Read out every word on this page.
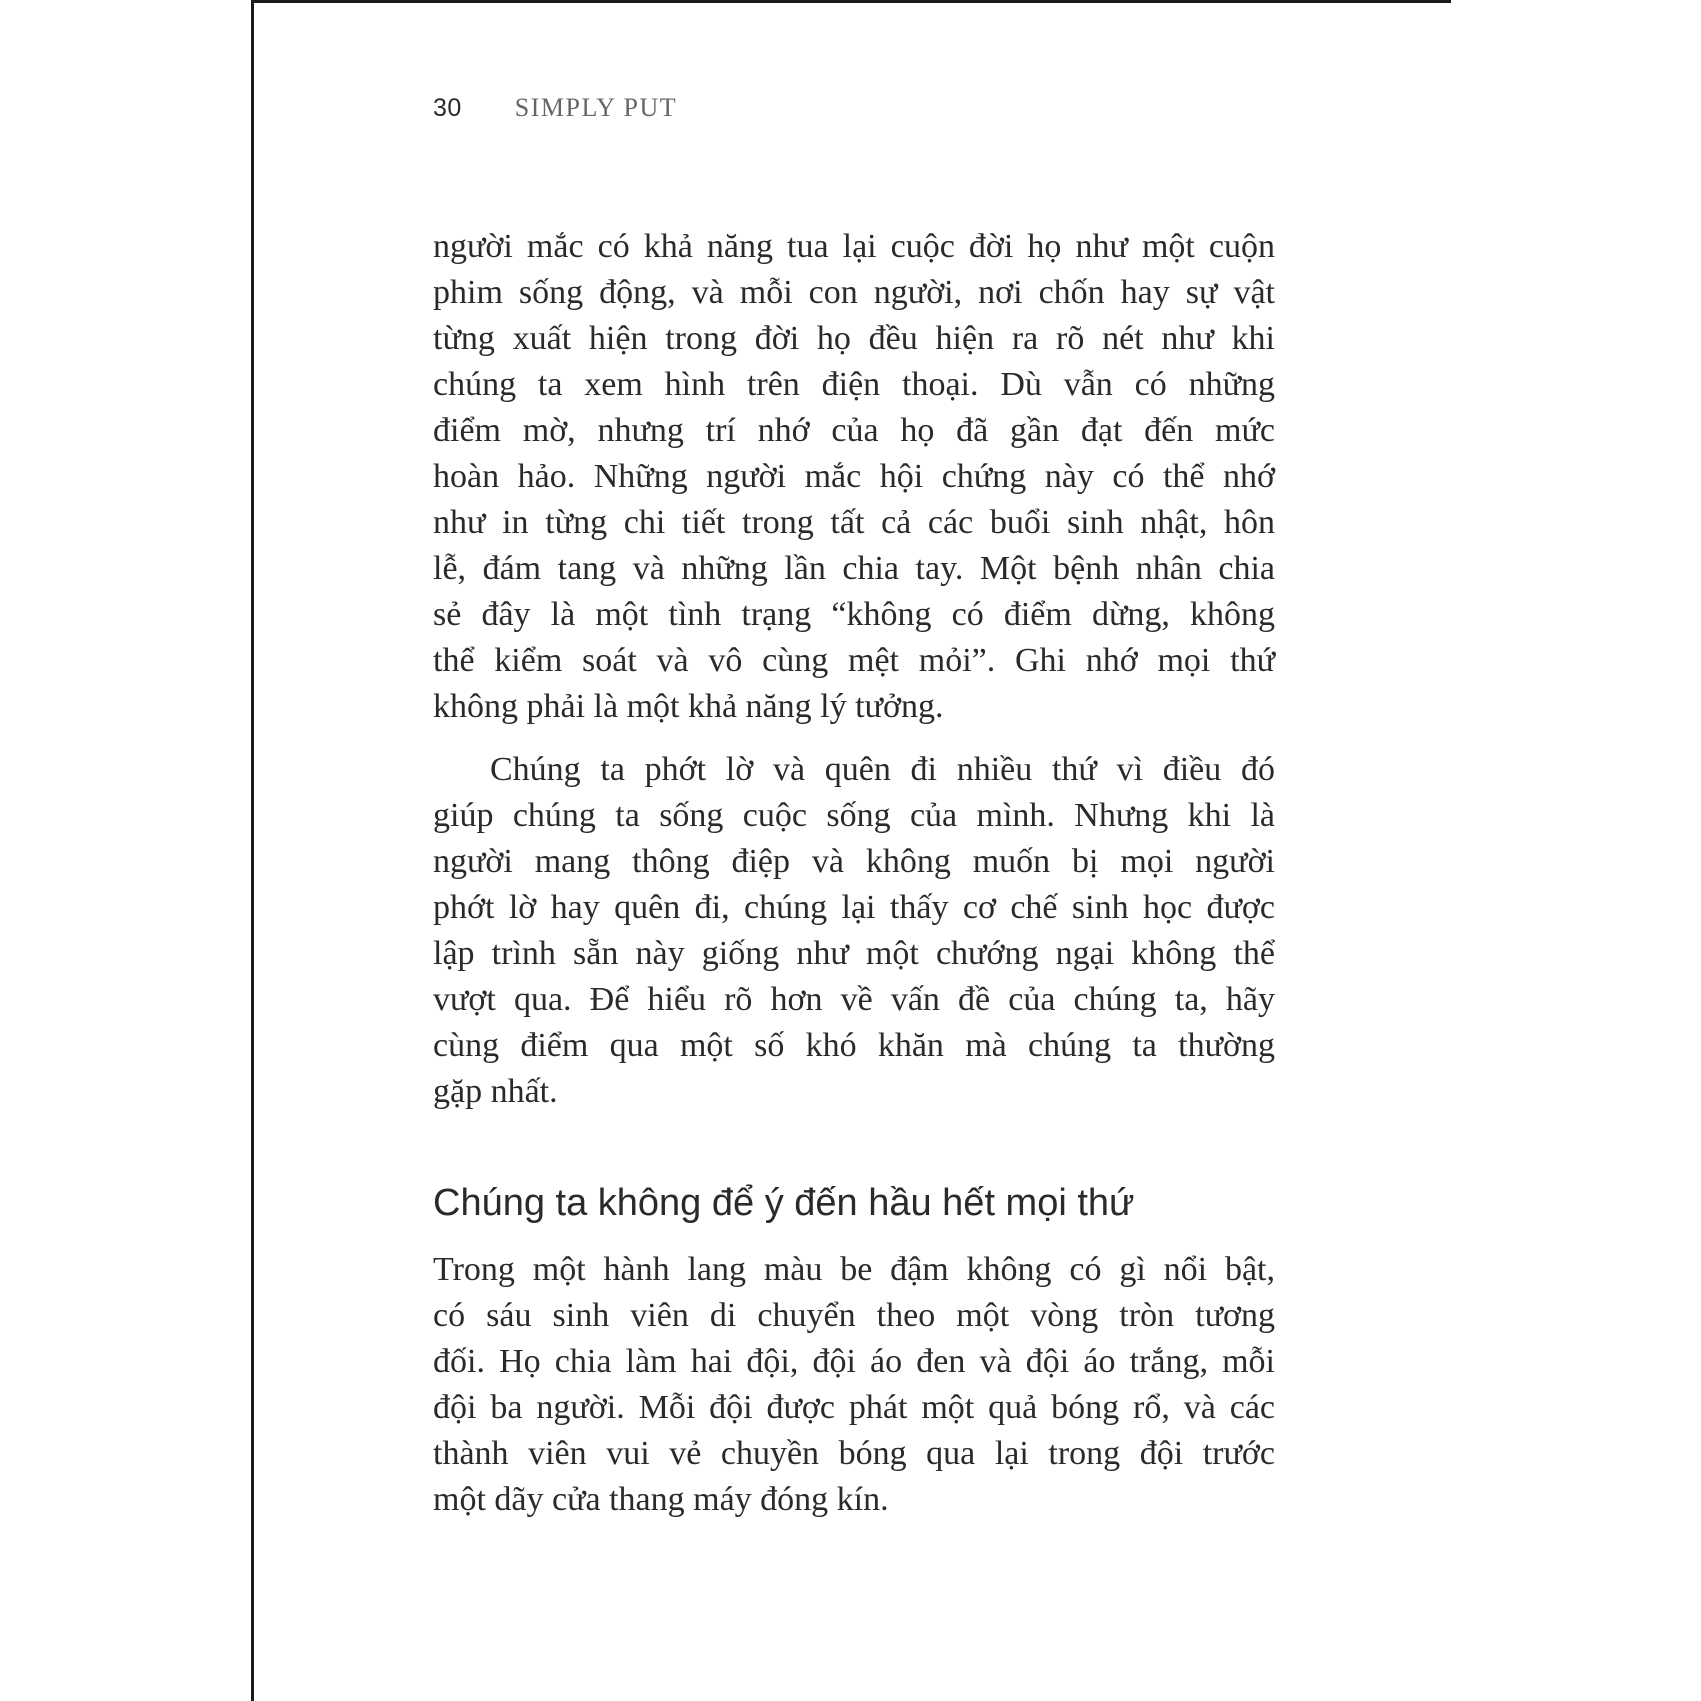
30 SIMPLY PUT
người mắc có khả năng tua lại cuộc đời họ như một cuộn
phim sống động, và mỗi con người, nơi chốn hay sự vật
từng xuất hiện trong đời họ đều hiện ra rõ nét như khi
chúng ta xem hình trên điện thoại. Dù vẫn có những
điểm mờ, nhưng trí nhớ của họ đã gần đạt đến mức
hoàn hảo. Những người mắc hội chứng này có thể nhớ
như in từng chi tiết trong tất cả các buổi sinh nhật, hôn
lễ, đám tang và những lần chia tay. Một bệnh nhân chia
sẻ đây là một tình trạng “không có điểm dừng, không
thể kiểm soát và vô cùng mệt mỏi”. Ghi nhớ mọi thứ
không phải là một khả năng lý tưởng.
Chúng ta phớt lờ và quên đi nhiều thứ vì điều đó
giúp chúng ta sống cuộc sống của mình. Nhưng khi là
người mang thông điệp và không muốn bị mọi người
phớt lờ hay quên đi, chúng lại thấy cơ chế sinh học được
lập trình sẵn này giống như một chướng ngại không thể
vượt qua. Để hiểu rõ hơn về vấn đề của chúng ta, hãy
cùng điểm qua một số khó khăn mà chúng ta thường
gặp nhất.
Chúng ta không để ý đến hầu hết mọi thứ
Trong một hành lang màu be đậm không có gì nổi bật,
có sáu sinh viên di chuyển theo một vòng tròn tương
đối. Họ chia làm hai đội, đội áo đen và đội áo trắng, mỗi
đội ba người. Mỗi đội được phát một quả bóng rổ, và các
thành viên vui vẻ chuyền bóng qua lại trong đội trước
một dãy cửa thang máy đóng kín.
